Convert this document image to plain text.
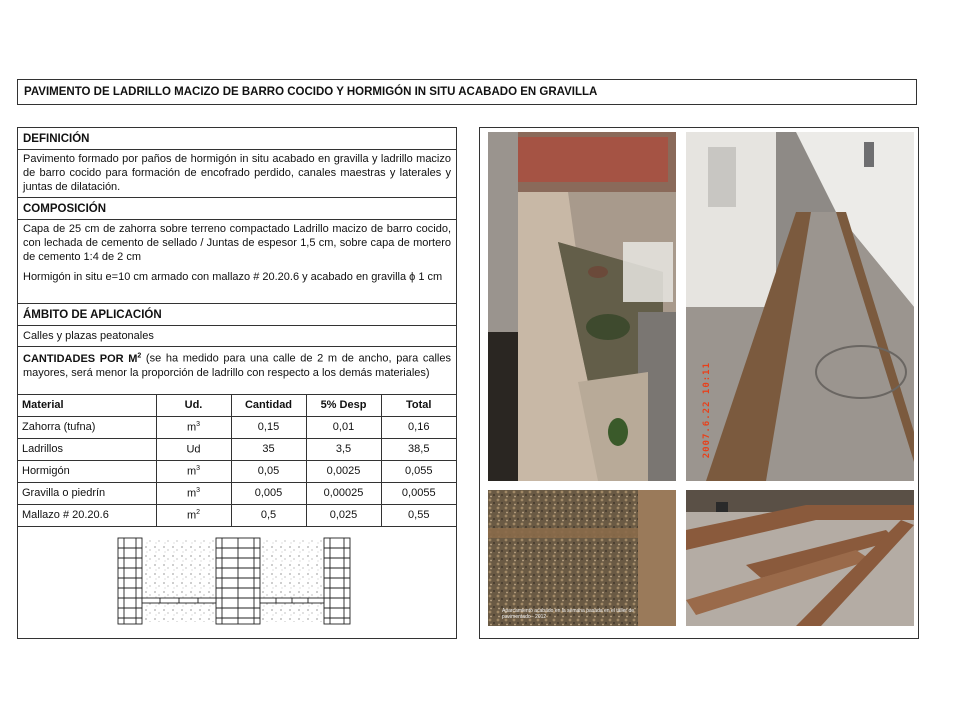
PAVIMENTO DE LADRILLO MACIZO DE BARRO COCIDO Y HORMIGÓN IN SITU ACABADO EN GRAVILLA
DEFINICIÓN
Pavimento formado por paños de hormigón in situ acabado en gravilla y ladrillo macizo de barro cocido para formación de encofrado perdido, canales maestras y laterales y juntas de dilatación.
COMPOSICIÓN
Capa de 25 cm de zahorra sobre terreno compactado Ladrillo macizo de barro cocido, con lechada de cemento de sellado / Juntas de espesor 1,5 cm, sobre capa de mortero de cemento 1:4 de 2 cm
Hormigón in situ e=10 cm armado con mallazo # 20.20.6 y acabado en gravilla ϕ 1 cm
ÁMBITO DE APLICACIÓN
Calles y plazas peatonales
CANTIDADES POR $M^2$ (se ha medido para una calle de 2 m de ancho, para calles mayores, será menor la proporción de ladrillo con respecto a los demás materiales)
Material	Ud.	Cantidad	5% Desp	Total
Zahorra (tufna)	$m^3$	0,15	0,01	0,16
Ladrillos	Ud	35	3,5	38,5
Hormigón	$m^3$	0,05	0,0025	0,055
Gravilla o piedrín	$m^3$	0,005	0,00025	0,0055
Mallazo # 20.20.6	$m^2$	0,5	0,025	0,55
2007.6.22 10:11
Aparcamiento acabado en la semana pasada en el taller de pavimentado - 2012
